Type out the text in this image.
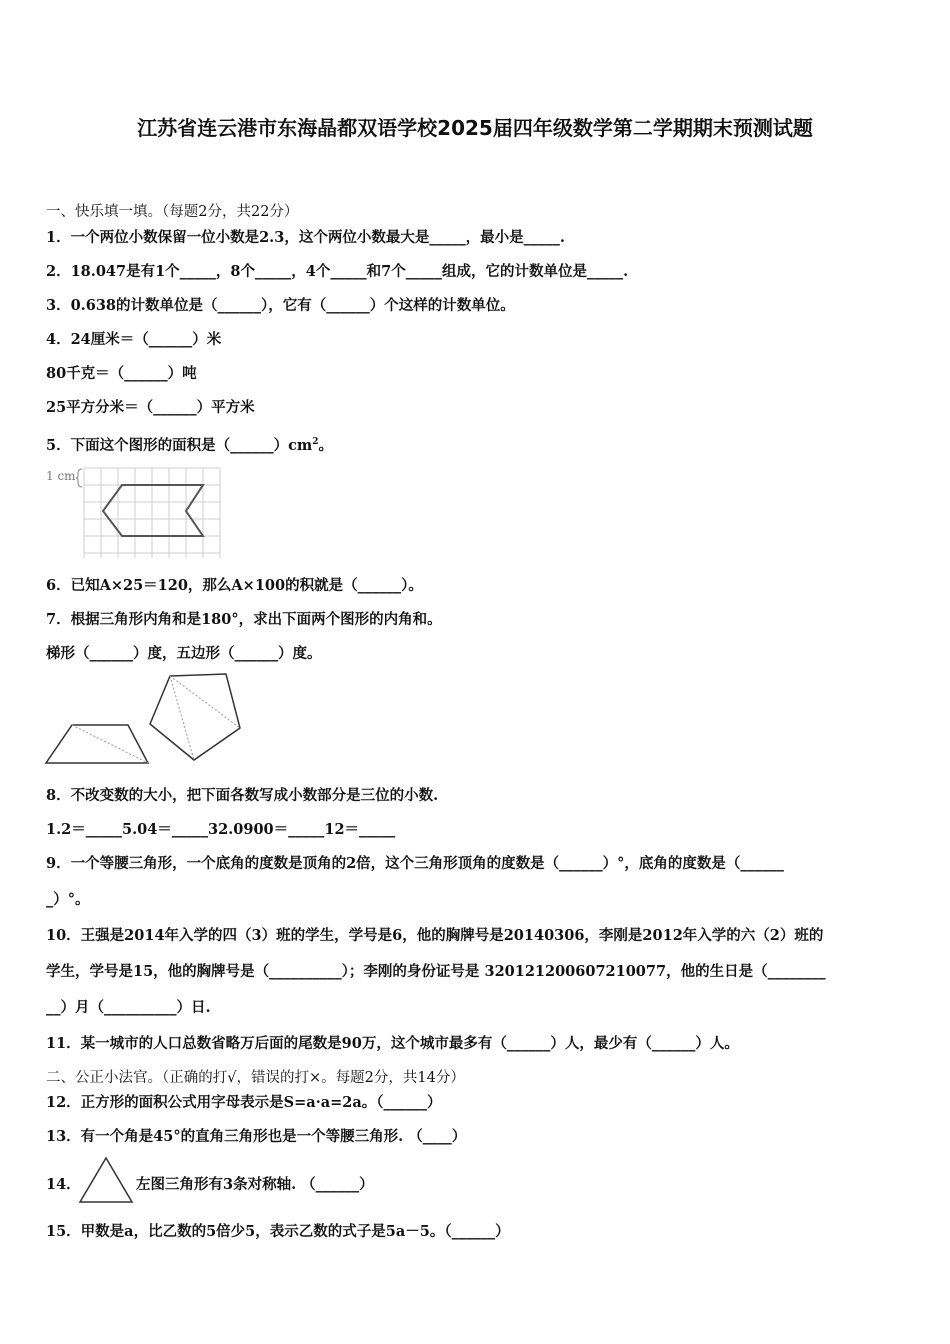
江苏省连云港市东海晶都双语学校2025届四年级数学第二学期期末预测试题
一、快乐填一填。（每题2分，共22分）
1．一个两位小数保留一位小数是2.3，这个两位小数最大是_____，最小是_____.
2．18.047是有1个_____，8个_____，4个_____和7个_____组成，它的计数单位是_____.
3．0.638的计数单位是（______），它有（______）个这样的计数单位。
4．24厘米＝（______）米
80千克＝（______）吨
25平方分米＝（______）平方米
5．下面这个图形的面积是$(\_\_\_\_\_\_)cm^2$。
1 cm
6．已知A×25＝120，那么A×100的积就是（______）。
7．根据三角形内角和是180°，求出下面两个图形的内角和。
梯形（______）度，五边形（______）度。
8．不改变数的大小，把下面各数写成小数部分是三位的小数.
1.2＝_____5.04＝_____32.0900＝_____12＝_____
9．一个等腰三角形，一个底角的度数是顶角的2倍，这个三角形顶角的度数是（______）°，底角的度数是（______
_）°。
10．王强是2014年入学的四（3）班的学生，学号是6，他的胸牌号是20140306，李刚是2012年入学的六（2）班的
学生，学号是15，他的胸牌号是（__________）；李刚的身份证号是 320121200607210077，他的生日是（________
__）月（__________）日.
11．某一城市的人口总数省略万后面的尾数是90万，这个城市最多有（______）人，最少有（______）人。
二、公正小法官。（正确的打√，错误的打×。每题2分，共14分）
12．正方形的面积公式用字母表示是S=a·a=2a。（______）
13．有一个角是45°的直角三角形也是一个等腰三角形. （____）
14．	左图三角形有3条对称轴. （______）
15．甲数是a，比乙数的5倍少5，表示乙数的式子是5a－5。（______）
